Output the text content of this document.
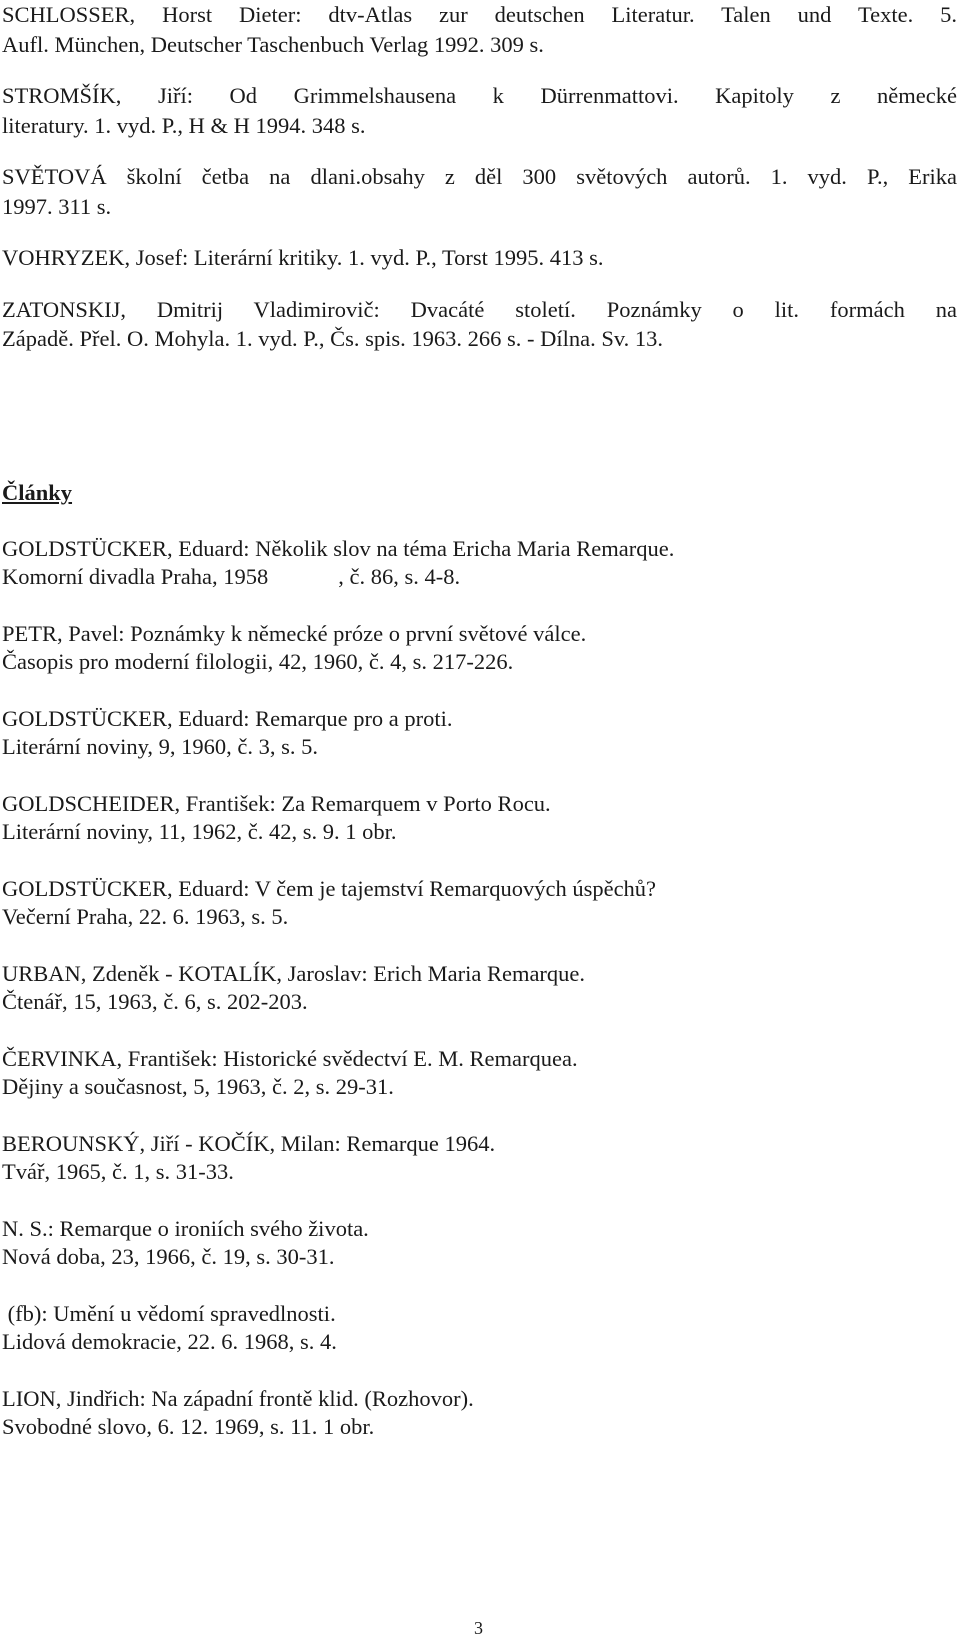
SCHLOSSER, Horst Dieter: dtv-Atlas zur deutschen Literatur. Talen und Texte. 5.

Aufl. München, Deutscher Taschenbuch Verlag 1992. 309 s.

STROMŠÍK, Jiří: Od Grimmelshausena k Dürrenmattovi. Kapitoly z německé

literatury. 1. vyd. P., H & H 1994. 348 s.

SVĚTOVÁ školní četba na dlani.obsahy z děl 300 světových autorů. 1. vyd. P., Erika

1997. 311 s.

VOHRYZEK, Josef: Literární kritiky. 1. vyd. P., Torst 1995. 413 s.

ZATONSKIJ, Dmitrij Vladimirovič: Dvacáté století. Poznámky o lit. formách na

Západě. Přel. O. Mohyla. 1. vyd. P., Čs. spis. 1963. 266 s. - Dílna. Sv. 13.

Články

GOLDSTÜCKER, Eduard: Několik slov na téma Ericha Maria Remarque.

Komorní divadla Praha, 1958	, č. 86, s. 4-8.

PETR, Pavel: Poznámky k německé próze o první světové válce.

Časopis pro moderní filologii, 42, 1960, č. 4, s. 217-226.

GOLDSTÜCKER, Eduard: Remarque pro a proti.

Literární noviny, 9, 1960, č. 3, s. 5.

GOLDSCHEIDER, František: Za Remarquem v Porto Rocu.

Literární noviny, 11, 1962, č. 42, s. 9. 1 obr.

GOLDSTÜCKER, Eduard: V čem je tajemství Remarquových úspěchů?

Večerní Praha, 22. 6. 1963, s. 5.

URBAN, Zdeněk - KOTALÍK, Jaroslav: Erich Maria Remarque.

Čtenář, 15, 1963, č. 6, s. 202-203.

ČERVINKA, František: Historické svědectví E. M. Remarquea.

Dějiny a současnost, 5, 1963, č. 2, s. 29-31.

BEROUNSKÝ, Jiří - KOČÍK, Milan: Remarque 1964.

Tvář, 1965, č. 1, s. 31-33.

N. S.: Remarque o ironiích svého života.

Nová doba, 23, 1966, č. 19, s. 30-31.

(fb): Umění u vědomí spravedlnosti.

Lidová demokracie, 22. 6. 1968, s. 4.

LION, Jindřich: Na západní frontě klid. (Rozhovor).

Svobodné slovo, 6. 12. 1969, s. 11. 1 obr.

3
